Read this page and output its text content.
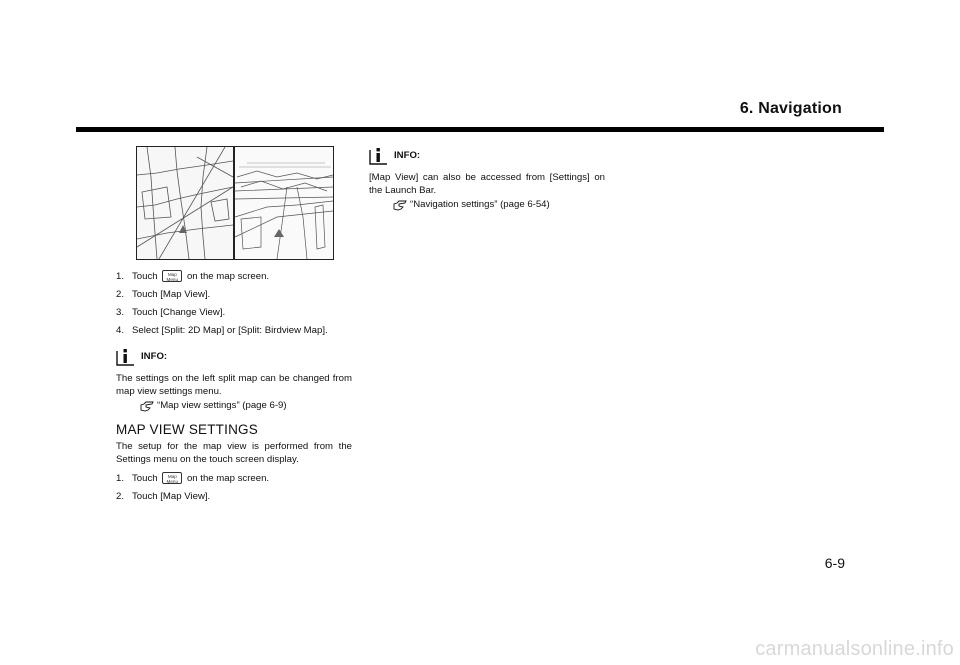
6. Navigation
1. Touch Map
Menu on the map screen.
2. Touch [Map View].
3. Touch [Change View].
4. Select [Split: 2D Map] or [Split: Birdview Map].
INFO:

The settings on the left split map can be changed from map view settings menu.

“Map view settings” (page 6-9)
MAP VIEW SETTINGS

The setup for the map view is performed from the Settings menu on the touch screen display.

1. Touch Map
Menu on the map screen.
2. Touch [Map View].
INFO:

[Map View] can also be accessed from [Settings] on the Launch Bar.

“Navigation settings” (page 6-54)
6-9
carmanualsonline.info
